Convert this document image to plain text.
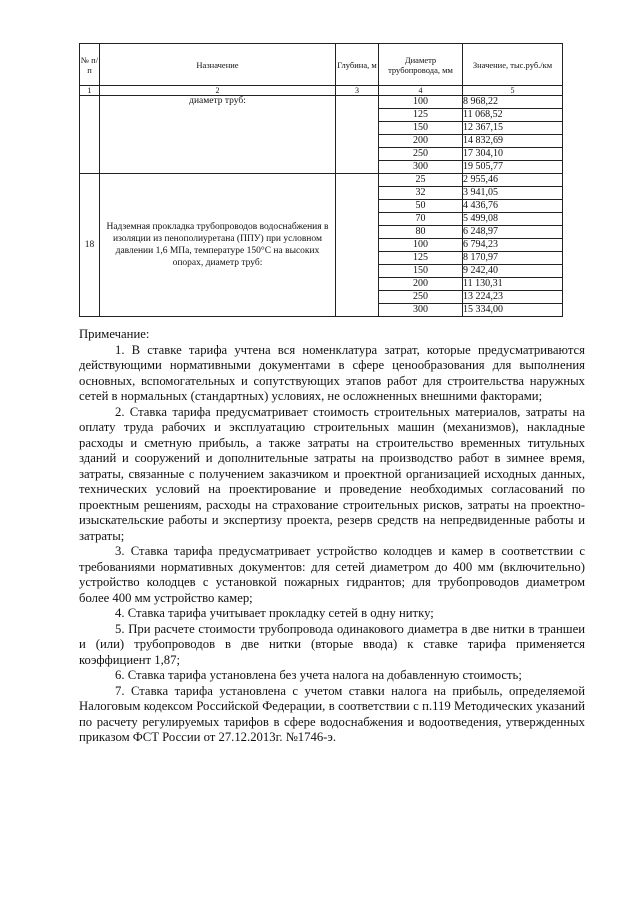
№ п/п	Назначение	Глубина, м	Диаметр трубопровода, мм	Значение, тыс.руб./км
1	2	3	4	5
	диаметр труб:		100	8 968,22
			125	11 068,52
			150	12 367,15
			200	14 832,69
			250	17 304,10
			300	19 505,77
18	Надземная прокладка трубопроводов водоснабжения в изоляции из пенополиуретана (ППУ) при условном давлении 1,6 МПа, температуре 150°С на высоких опорах, диаметр труб:		25	2 955,46
			32	3 941,05
			50	4 436,76
			70	5 499,08
			80	6 248,97
			100	6 794,23
			125	8 170,97
			150	9 242,40
			200	11 130,31
			250	13 224,23
			300	15 334,00

Примечание:

1. В ставке тарифа учтена вся номенклатура затрат, которые предусматриваются действующими нормативными документами в сфере ценообразования для выполнения основных, вспомогательных и сопутствующих этапов работ для строительства наружных сетей в нормальных (стандартных) условиях, не осложненных внешними факторами;

2. Ставка тарифа предусматривает стоимость строительных материалов, затраты на оплату труда рабочих и эксплуатацию строительных машин (механизмов), накладные расходы и сметную прибыль, а также затраты на строительство временных титульных зданий и сооружений и дополнительные затраты на производство работ в зимнее время, затраты, связанные с получением заказчиком и проектной организацией исходных данных, технических условий на проектирование и проведение необходимых согласований по проектным решениям, расходы на страхование строительных рисков, затраты на проектно-изыскательские работы и экспертизу проекта, резерв средств на непредвиденные работы и затраты;

3. Ставка тарифа предусматривает устройство колодцев и камер в соответствии с требованиями нормативных документов: для сетей диаметром до 400 мм (включительно) устройство колодцев с установкой пожарных гидрантов; для трубопроводов диаметром более 400 мм устройство камер;

4. Ставка тарифа учитывает прокладку сетей в одну нитку;

5. При расчете стоимости трубопровода одинакового диаметра в две нитки в траншеи и (или) трубопроводов в две нитки (вторые ввода) к ставке тарифа применяется коэффициент 1,87;

6. Ставка тарифа установлена без учета налога на добавленную стоимость;

7. Ставка тарифа установлена с учетом ставки налога на прибыль, определяемой Налоговым кодексом Российской Федерации, в соответствии с п.119 Методических указаний по расчету регулируемых тарифов в сфере водоснабжения и водоотведения, утвержденных приказом ФСТ России от 27.12.2013г. №1746-э.
